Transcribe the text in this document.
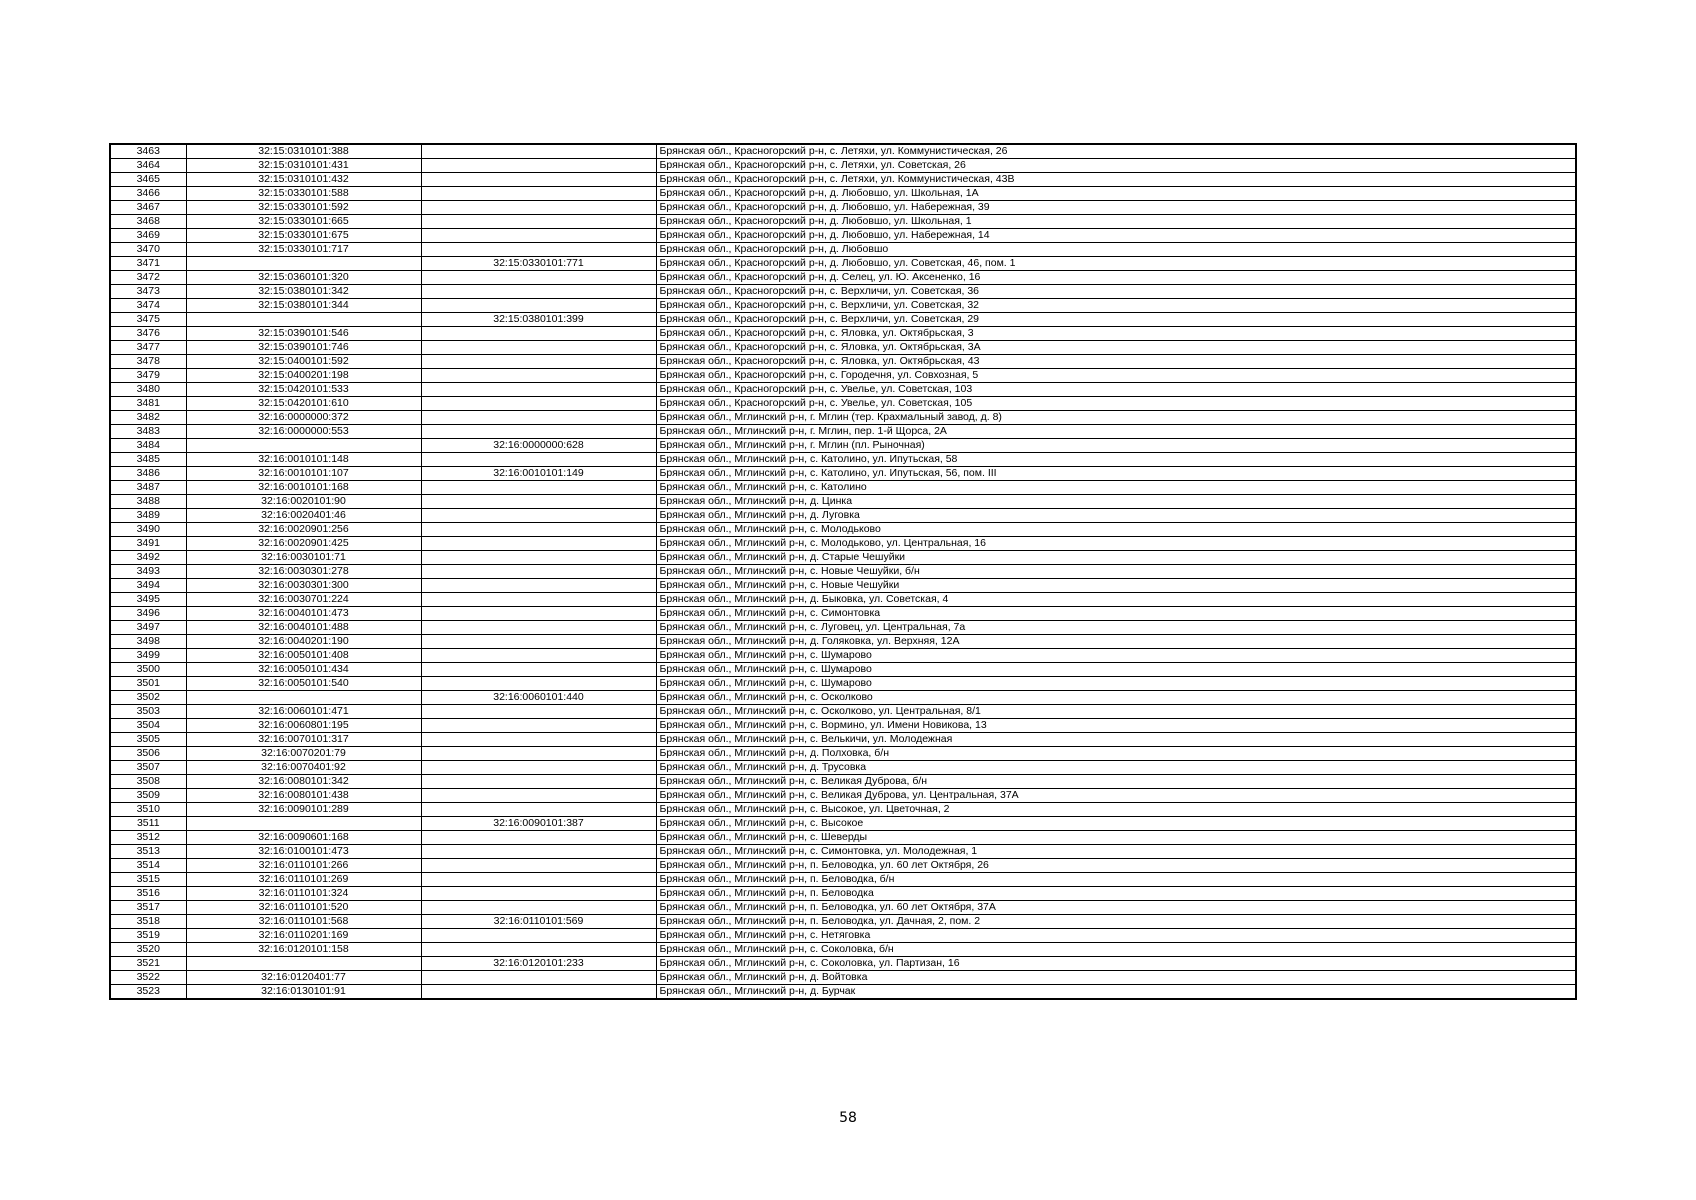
3463	32:15:0310101:388		Брянская обл., Красногорский р-н, с. Летяхи, ул. Коммунистическая, 26
3464	32:15:0310101:431		Брянская обл., Красногорский р-н, с. Летяхи, ул. Советская, 26
3465	32:15:0310101:432		Брянская обл., Красногорский р-н, с. Летяхи, ул. Коммунистическая, 43В
3466	32:15:0330101:588		Брянская обл., Красногорский р-н, д. Любовшо, ул. Школьная, 1А
3467	32:15:0330101:592		Брянская обл., Красногорский р-н, д. Любовшо, ул. Набережная, 39
3468	32:15:0330101:665		Брянская обл., Красногорский р-н, д. Любовшо, ул. Школьная, 1
3469	32:15:0330101:675		Брянская обл., Красногорский р-н, д. Любовшо, ул. Набережная, 14
3470	32:15:0330101:717		Брянская обл., Красногорский р-н, д. Любовшо
3471		32:15:0330101:771	Брянская обл., Красногорский р-н, д. Любовшо, ул. Советская, 46, пом. 1
3472	32:15:0360101:320		Брянская обл., Красногорский р-н, д. Селец, ул. Ю. Аксененко, 16
3473	32:15:0380101:342		Брянская обл., Красногорский р-н, с. Верхличи, ул. Советская, 36
3474	32:15:0380101:344		Брянская обл., Красногорский р-н, с. Верхличи, ул. Советская, 32
3475		32:15:0380101:399	Брянская обл., Красногорский р-н, с. Верхличи, ул. Советская, 29
3476	32:15:0390101:546		Брянская обл., Красногорский р-н, с. Яловка, ул. Октябрьская, 3
3477	32:15:0390101:746		Брянская обл., Красногорский р-н, с. Яловка, ул. Октябрьская, 3А
3478	32:15:0400101:592		Брянская обл., Красногорский р-н, с. Яловка, ул. Октябрьская, 43
3479	32:15:0400201:198		Брянская обл., Красногорский р-н, с. Городечня, ул. Совхозная, 5
3480	32:15:0420101:533		Брянская обл., Красногорский р-н, с. Увелье, ул. Советская, 103
3481	32:15:0420101:610		Брянская обл., Красногорский р-н, с. Увелье, ул. Советская, 105
3482	32:16:0000000:372		Брянская обл., Мглинский р-н, г. Мглин (тер. Крахмальный завод, д. 8)
3483	32:16:0000000:553		Брянская обл., Мглинский р-н, г. Мглин, пер. 1-й Щорса, 2А
3484		32:16:0000000:628	Брянская обл., Мглинский р-н, г. Мглин (пл. Рыночная)
3485	32:16:0010101:148		Брянская обл., Мглинский р-н, с. Католино, ул. Ипутьская, 58
3486	32:16:0010101:107	32:16:0010101:149	Брянская обл., Мглинский р-н, с. Католино, ул. Ипутьская, 56, пом. III
3487	32:16:0010101:168		Брянская обл., Мглинский р-н, с. Католино
3488	32:16:0020101:90		Брянская обл., Мглинский р-н, д. Цинка
3489	32:16:0020401:46		Брянская обл., Мглинский р-н, д. Луговка
3490	32:16:0020901:256		Брянская обл., Мглинский р-н, с. Молодьково
3491	32:16:0020901:425		Брянская обл., Мглинский р-н, с. Молодьково, ул. Центральная, 16
3492	32:16:0030101:71		Брянская обл., Мглинский р-н, д. Старые Чешуйки
3493	32:16:0030301:278		Брянская обл., Мглинский р-н, с. Новые Чешуйки, б/н
3494	32:16:0030301:300		Брянская обл., Мглинский р-н, с. Новые Чешуйки
3495	32:16:0030701:224		Брянская обл., Мглинский р-н, д. Быковка, ул. Советская, 4
3496	32:16:0040101:473		Брянская обл., Мглинский р-н, с. Симонтовка
3497	32:16:0040101:488		Брянская обл., Мглинский р-н, с. Луговец, ул. Центральная, 7а
3498	32:16:0040201:190		Брянская обл., Мглинский р-н, д. Голяковка, ул. Верхняя, 12А
3499	32:16:0050101:408		Брянская обл., Мглинский р-н, с. Шумарово
3500	32:16:0050101:434		Брянская обл., Мглинский р-н, с. Шумарово
3501	32:16:0050101:540		Брянская обл., Мглинский р-н, с. Шумарово
3502		32:16:0060101:440	Брянская обл., Мглинский р-н, с. Осколково
3503	32:16:0060101:471		Брянская обл., Мглинский р-н, с. Осколково, ул. Центральная, 8/1
3504	32:16:0060801:195		Брянская обл., Мглинский р-н, с. Вормино, ул. Имени Новикова, 13
3505	32:16:0070101:317		Брянская обл., Мглинский р-н, с. Велькичи, ул. Молодежная
3506	32:16:0070201:79		Брянская обл., Мглинский р-н, д. Полховка, б/н
3507	32:16:0070401:92		Брянская обл., Мглинский р-н, д. Трусовка
3508	32:16:0080101:342		Брянская обл., Мглинский р-н, с. Великая Дуброва, б/н
3509	32:16:0080101:438		Брянская обл., Мглинский р-н, с. Великая Дуброва, ул. Центральная, 37А
3510	32:16:0090101:289		Брянская обл., Мглинский р-н, с. Высокое, ул. Цветочная, 2
3511		32:16:0090101:387	Брянская обл., Мглинский р-н, с. Высокое
3512	32:16:0090601:168		Брянская обл., Мглинский р-н, с. Шеверды
3513	32:16:0100101:473		Брянская обл., Мглинский р-н, с. Симонтовка, ул. Молодежная, 1
3514	32:16:0110101:266		Брянская обл., Мглинский р-н, п. Беловодка, ул. 60 лет Октября, 26
3515	32:16:0110101:269		Брянская обл., Мглинский р-н, п. Беловодка, б/н
3516	32:16:0110101:324		Брянская обл., Мглинский р-н, п. Беловодка
3517	32:16:0110101:520		Брянская обл., Мглинский р-н, п. Беловодка, ул. 60 лет Октября, 37А
3518	32:16:0110101:568	32:16:0110101:569	Брянская обл., Мглинский р-н, п. Беловодка, ул. Дачная, 2, пом. 2
3519	32:16:0110201:169		Брянская обл., Мглинский р-н, с. Нетяговка
3520	32:16:0120101:158		Брянская обл., Мглинский р-н, с. Соколовка, б/н
3521		32:16:0120101:233	Брянская обл., Мглинский р-н, с. Соколовка, ул. Партизан, 16
3522	32:16:0120401:77		Брянская обл., Мглинский р-н, д. Войтовка
3523	32:16:0130101:91		Брянская обл., Мглинский р-н, д. Бурчак
58
